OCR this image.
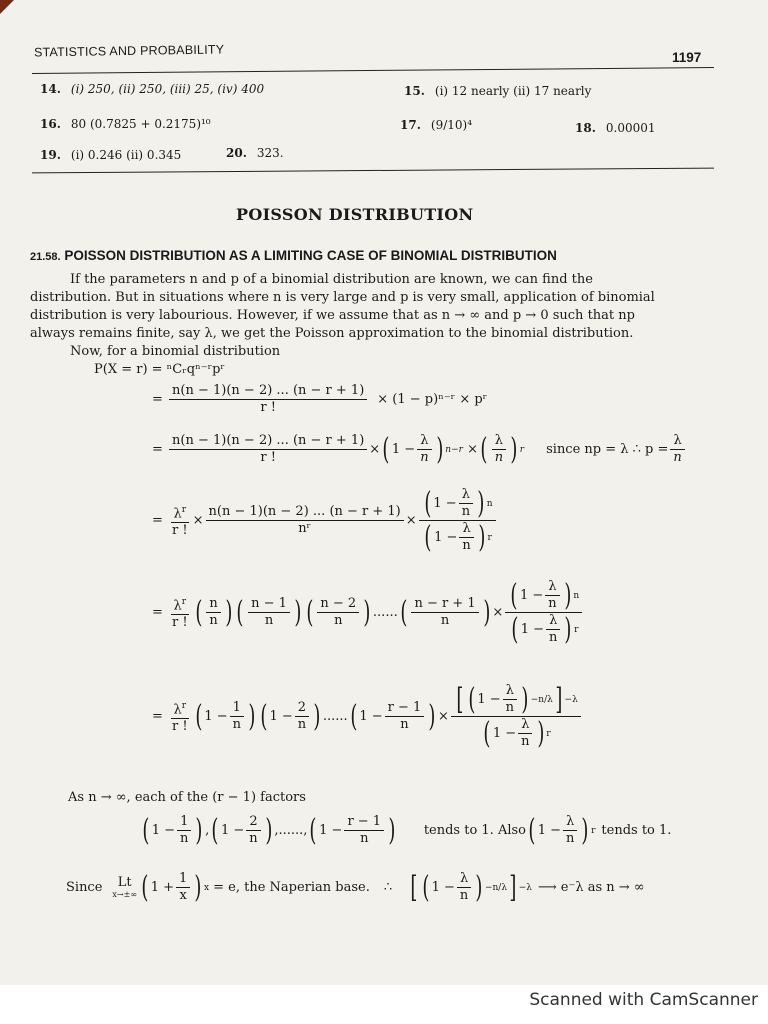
STATISTICS AND PROBABILITY	1197
14. (i) 250, (ii) 250, (iii) 25, (iv) 400	15. (i) 12 nearly (ii) 17 nearly
16. 80 (0.7825 + 0.2175)¹⁰	17. (9/10)⁴	18. 0.00001
19. (i) 0.246 (ii) 0.345	20. 323.
POISSON DISTRIBUTION
21.58. POISSON DISTRIBUTION AS A LIMITING CASE OF BINOMIAL DISTRIBUTION
If the parameters n and p of a binomial distribution are known, we can find the
distribution. But in situations where n is very large and p is very small, application of binomial
distribution is very labourious. However, if we assume that as n → ∞ and p → 0 such that np
always remains finite, say λ, we get the Poisson approximation to the binomial distribution.
Now, for a binomial distribution
P(X = r) = ⁿCᵣqⁿ⁻ʳpʳ
= $\frac{n(n - 1)(n - 2) ... (n - r + 1)}{r !} \times (1$ − p)ⁿ⁻ʳ × pʳ
= $\frac{n(n - 1)(n - 2) ... (n - r + 1)}{r !}$ × ( $1 - \frac{\lambda}{n}$ ) n−r × ( $\frac{\lambda}{n}$ ) r since np = λ ∴ $p = \frac{\lambda}{n}$
= $\frac{\lambda^r}{r !} \times \frac{n(n - 1)(n - 2) ... (n - r + 1)}{\text{nʳ}} \times \frac{( 1 - \frac{\lambda}{n} ) n}{( 1 - \frac{\lambda}{n} ) r}$
= $\frac{\lambda^r}{r !}$ ( $\frac{n}{n}$ ) ( $\frac{n - 1}{n}$ ) ( $\frac{n - 2}{n}$ ) ...... ( $\frac{n - r + 1}{n}$ ) × $\frac{( 1 - \frac{\lambda}{n} ) n}{( 1 - \frac{\lambda}{n} ) r}$
= $\frac{\lambda^r}{r !}$ ( $1 - \frac{1}{n}$ ) ( $1 - \frac{2}{n}$ ) ...... ( $1 - \frac{r - 1}{n}$ ) × $\frac{[ ( 1 - \frac{\lambda}{n} ) -n/\lambda ] -\lambda}{( 1 - \frac{\lambda}{n} ) r}$
As n → ∞, each of the (r − 1) factors
( $1 - \frac{1}{n}$ ) , ( $1 - \frac{2}{n}$ ) ,......, ( $1 - \frac{r - 1}{n}$ ) tends to 1. Also ( $1 - \frac{\lambda}{n}$ ) r tends to 1.
Since Lt
x→±∞ ( $1 + \frac{1}{x}$ ) x = e, the Naperian base. ∴ [ ( $1 - \frac{\lambda}{n}$ ) −n/λ ] −λ ⟶ e⁻λ as n → ∞
Scanned with CamScanner
